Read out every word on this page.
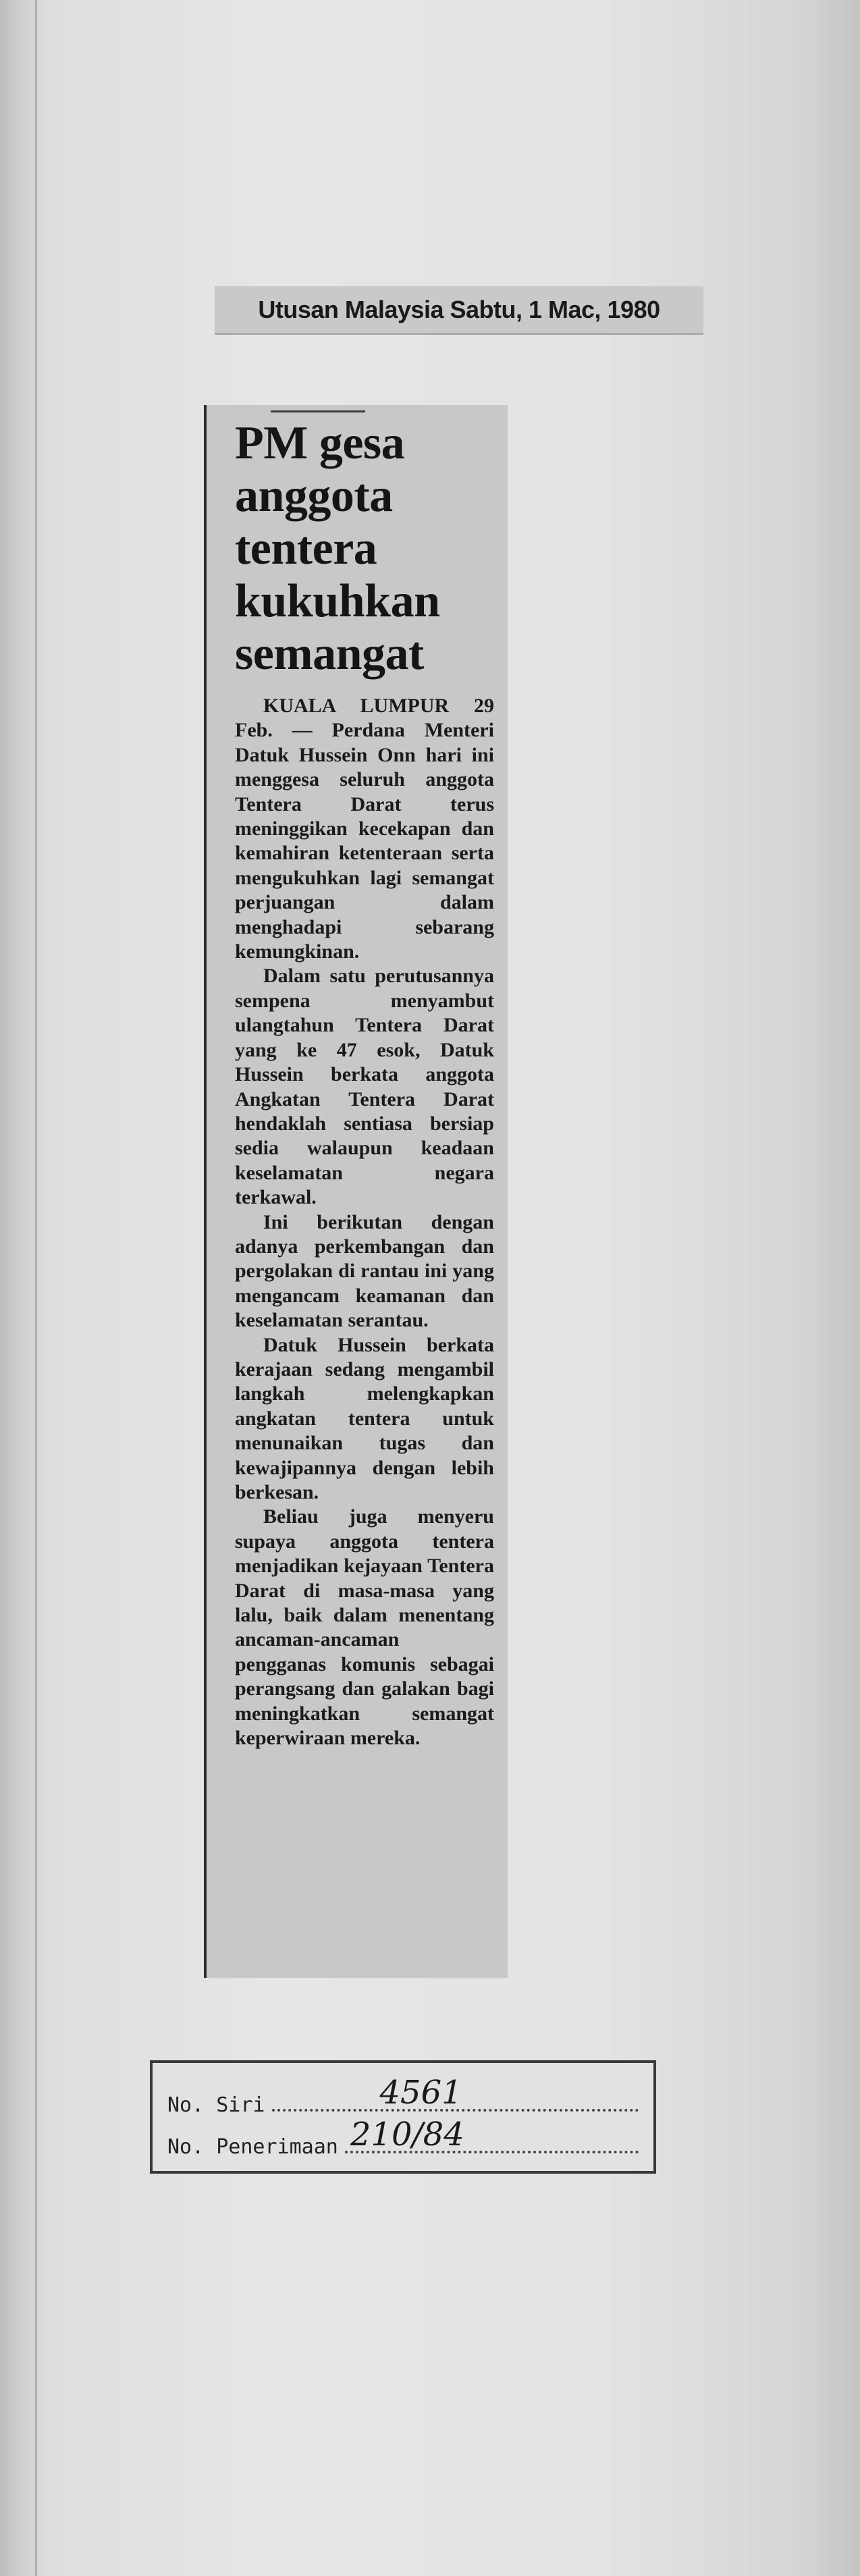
Utusan Malaysia Sabtu, 1 Mac, 1980
PM gesa
anggota
tentera
kukuhkan
semangat

KUALA LUMPUR 29 Feb. — Perdana Menteri Datuk Hussein Onn hari ini menggesa seluruh anggota Tentera Darat terus meninggikan kecekapan dan kemahiran ketenteraan serta mengukuhkan lagi semangat perjuangan dalam menghadapi sebarang kemungkinan.

Dalam satu perutusannya sempena menyambut ulangtahun Tentera Darat yang ke 47 esok, Datuk Hussein berkata anggota Angkatan Tentera Darat hendaklah sentiasa bersiap sedia walaupun keadaan keselamatan negara terkawal.

Ini berikutan dengan adanya perkembangan dan pergolakan di rantau ini yang mengancam keamanan dan keselamatan serantau.

Datuk Hussein berkata kerajaan sedang mengambil langkah melengkapkan angkatan tentera untuk menunaikan tugas dan kewajipannya dengan lebih berkesan.

Beliau juga menyeru supaya anggota tentera menjadikan kejayaan Tentera Darat di masa-masa yang lalu, baik dalam menentang ancaman-ancaman pengganas komunis sebagai perangsang dan galakan bagi meningkatkan semangat keperwiraan mereka.

No. Siri	4561
No. Penerimaan 210/84
